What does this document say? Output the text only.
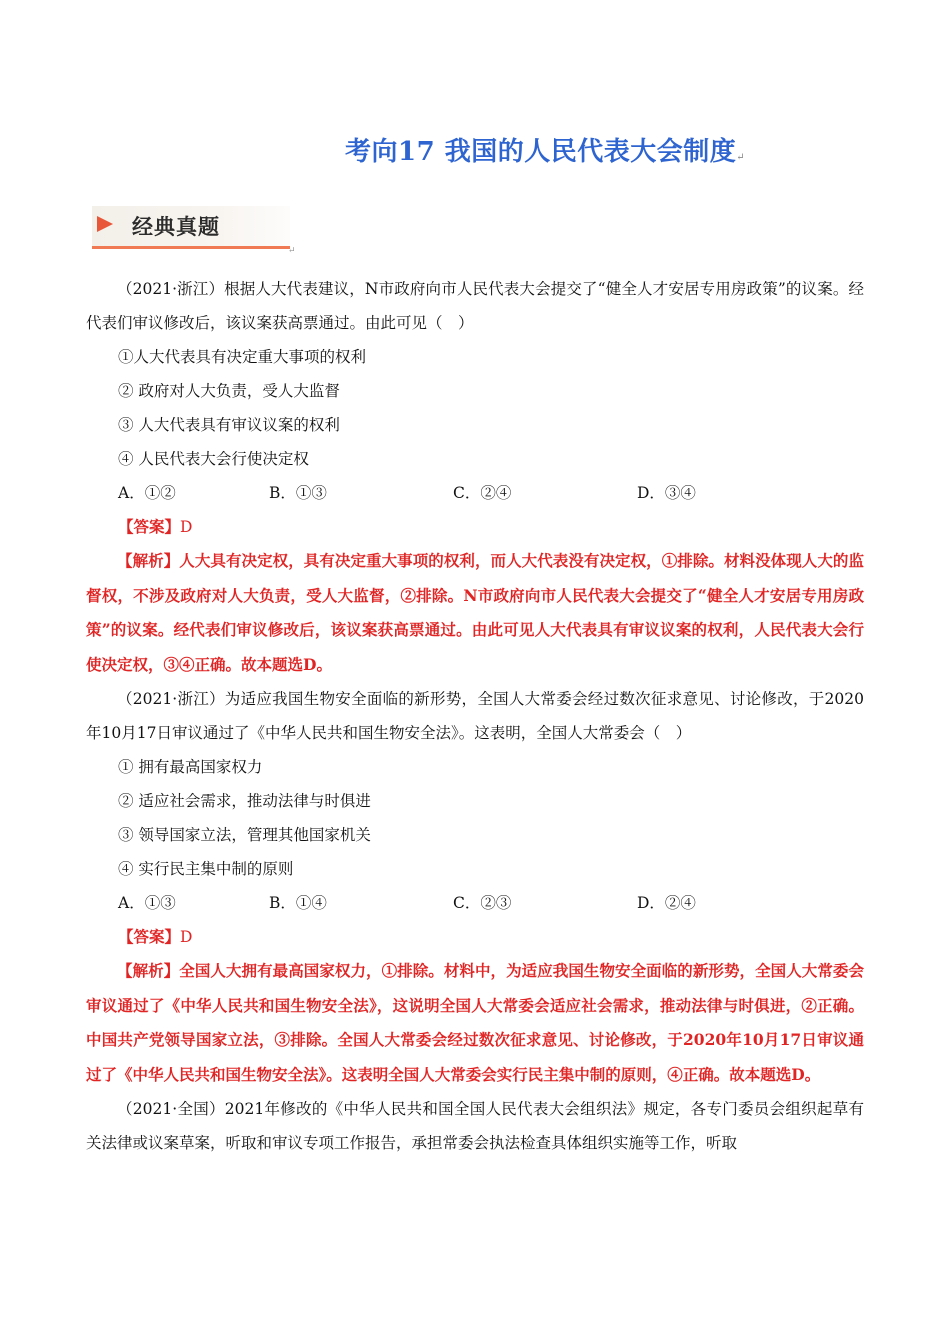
考向17 我国的人民代表大会制度↵
经典真题
↵

（2021·浙江）根据人大代表建议，N市政府向市人民代表大会提交了“健全人才安居专用房政策”的议案。经代表们审议修改后，该议案获高票通过。由此可见（　）

①人大代表具有决定重大事项的权利

② 政府对人大负责，受人大监督

③ 人大代表具有审议议案的权利

④ 人民代表大会行使决定权

A．①②	B．①③	C．②④	D．③④

【答案】D

【解析】人大具有决定权，具有决定重大事项的权利，而人大代表没有决定权，①排除。材料没体现人大的监督权，不涉及政府对人大负责，受人大监督，②排除。N市政府向市人民代表大会提交了“健全人才安居专用房政策”的议案。经代表们审议修改后，该议案获高票通过。由此可见人大代表具有审议议案的权利，人民代表大会行使决定权，③④正确。故本题选D。

（2021·浙江）为适应我国生物安全面临的新形势，全国人大常委会经过数次征求意见、讨论修改，于2020年10月17日审议通过了《中华人民共和国生物安全法》。这表明，全国人大常委会（　）

① 拥有最高国家权力

② 适应社会需求，推动法律与时俱进

③ 领导国家立法，管理其他国家机关

④ 实行民主集中制的原则

A．①③	B．①④	C．②③	D．②④

【答案】D

【解析】全国人大拥有最高国家权力，①排除。材料中，为适应我国生物安全面临的新形势，全国人大常委会审议通过了《中华人民共和国生物安全法》，这说明全国人大常委会适应社会需求，推动法律与时俱进，②正确。中国共产党领导国家立法，③排除。全国人大常委会经过数次征求意见、讨论修改，于2020年10月17日审议通过了《中华人民共和国生物安全法》。这表明全国人大常委会实行民主集中制的原则，④正确。故本题选D。

（2021·全国）2021年修改的《中华人民共和国全国人民代表大会组织法》规定，各专门委员会组织起草有关法律或议案草案，听取和审议专项工作报告，承担常委会执法检查具体组织实施等工作，听取
